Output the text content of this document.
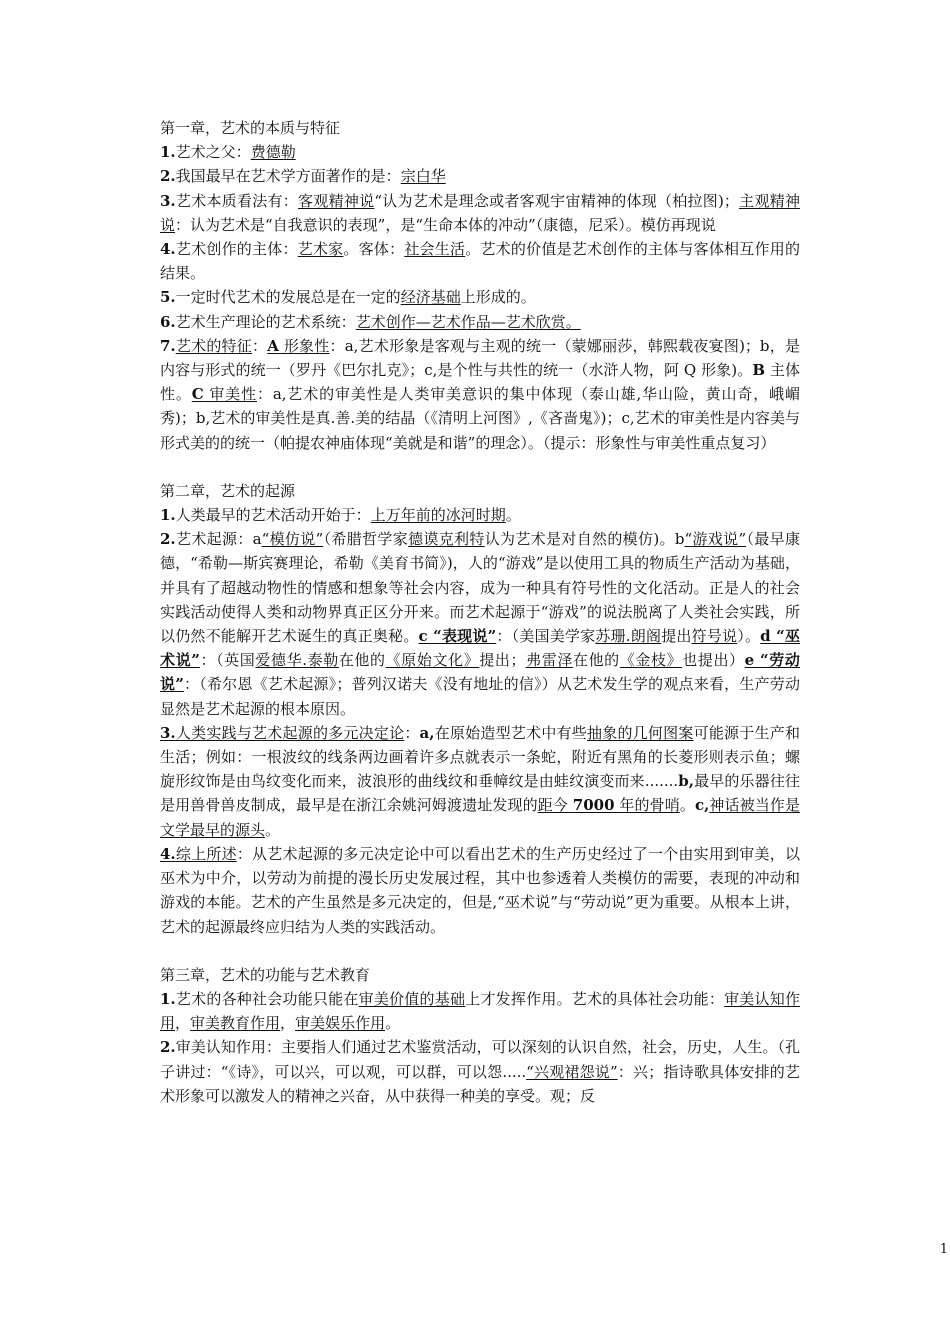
第一章，艺术的本质与特征

1.艺术之父：费德勒

2.我国最早在艺术学方面著作的是：宗白华

3.艺术本质看法有：客观精神说“认为艺术是理念或者客观宇宙精神的体现（柏拉图)；主观精神说：认为艺术是“自我意识的表现”，是“生命本体的冲动”（康德，尼采）。模仿再现说

4.艺术创作的主体：艺术家。客体：社会生活。艺术的价值是艺术创作的主体与客体相互作用的结果。

5.一定时代艺术的发展总是在一定的经济基础上形成的。

6.艺术生产理论的艺术系统：艺术创作—艺术作品—艺术欣赏。

7.艺术的特征：A 形象性：a,艺术形象是客观与主观的统一（蒙娜丽莎，韩熙载夜宴图)；b，是内容与形式的统一（罗丹《巴尔扎克》；c,是个性与共性的统一（水浒人物，阿 Q 形象)。B 主体性。C 审美性：a,艺术的审美性是人类审美意识的集中体现（泰山雄,华山险，黄山奇，峨嵋秀)；b,艺术的审美性是真.善.美的结晶（《清明上河图》,《吝啬鬼》)；c,艺术的审美性是内容美与形式美的的统一（帕提农神庙体现“美就是和谐”的理念）。（提示：形象性与审美性重点复习）

第二章，艺术的起源

1.人类最早的艺术活动开始于：上万年前的冰河时期。

2.艺术起源：a“模仿说”（希腊哲学家德谟克利特认为艺术是对自然的模仿)。b“游戏说”（最早康德，“希勒—斯宾赛理论，希勒《美育书简》)，人的“游戏”是以使用工具的物质生产活动为基础，并具有了超越动物性的情感和想象等社会内容，成为一种具有符号性的文化活动。正是人的社会实践活动使得人类和动物界真正区分开来。而艺术起源于“游戏”的说法脱离了人类社会实践，所以仍然不能解开艺术诞生的真正奥秘。c “表现说”：（美国美学家苏珊.朗阁提出符号说）。d “巫术说”：（英国爱德华.泰勒在他的《原始文化》提出；弗雷泽在他的《金枝》也提出）e “劳动说”：（希尔恩《艺术起源》；普列汉诺夫《没有地址的信》）从艺术发生学的观点来看，生产劳动显然是艺术起源的根本原因。

3.人类实践与艺术起源的多元决定论：a,在原始造型艺术中有些抽象的几何图案可能源于生产和生活；例如：一根波纹的线条两边画着许多点就表示一条蛇，附近有黑角的长菱形则表示鱼；螺旋形纹饰是由鸟纹变化而来，波浪形的曲线纹和垂幛纹是由蛙纹演变而来.......b,最早的乐器往往是用兽骨兽皮制成，最早是在浙江余姚河姆渡遗址发现的距今 7000 年的骨哨。c,神话被当作是文学最早的源头。

4.综上所述：从艺术起源的多元决定论中可以看出艺术的生产历史经过了一个由实用到审美，以巫术为中介，以劳动为前提的漫长历史发展过程，其中也参透着人类模仿的需要，表现的冲动和游戏的本能。艺术的产生虽然是多元决定的，但是,“巫术说”与“劳动说”更为重要。从根本上讲，艺术的起源最终应归结为人类的实践活动。

第三章，艺术的功能与艺术教育

1.艺术的各种社会功能只能在审美价值的基础上才发挥作用。艺术的具体社会功能：审美认知作用，审美教育作用，审美娱乐作用。

2.审美认知作用：主要指人们通过艺术鉴赏活动，可以深刻的认识自然，社会，历史，人生。（孔子讲过：“《诗》，可以兴，可以观，可以群，可以怨.....“兴观裙怨说”：兴；指诗歌具体安排的艺术形象可以激发人的精神之兴奋，从中获得一种美的享受。观；反

1
